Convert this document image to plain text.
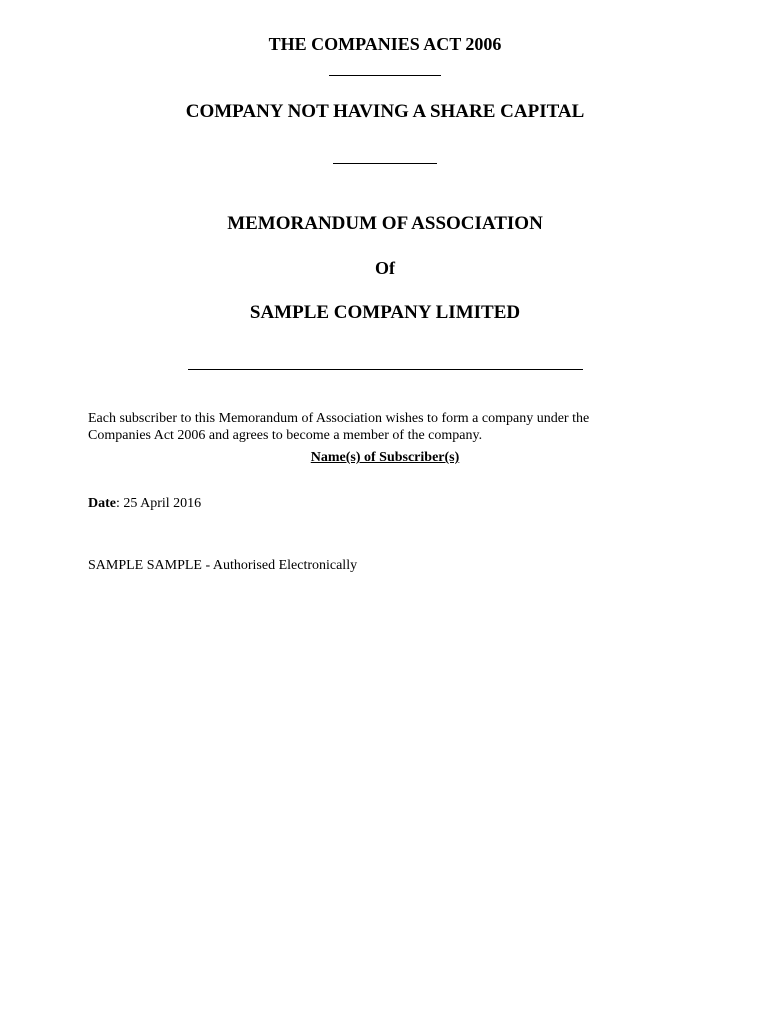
THE COMPANIES ACT 2006
COMPANY NOT HAVING A SHARE CAPITAL
MEMORANDUM OF ASSOCIATION
Of
SAMPLE COMPANY LIMITED
Each subscriber to this Memorandum of Association wishes to form a company under the
Companies Act 2006 and agrees to become a member of the company.
Name(s) of Subscriber(s)
Date: 25 April 2016
SAMPLE SAMPLE - Authorised Electronically
